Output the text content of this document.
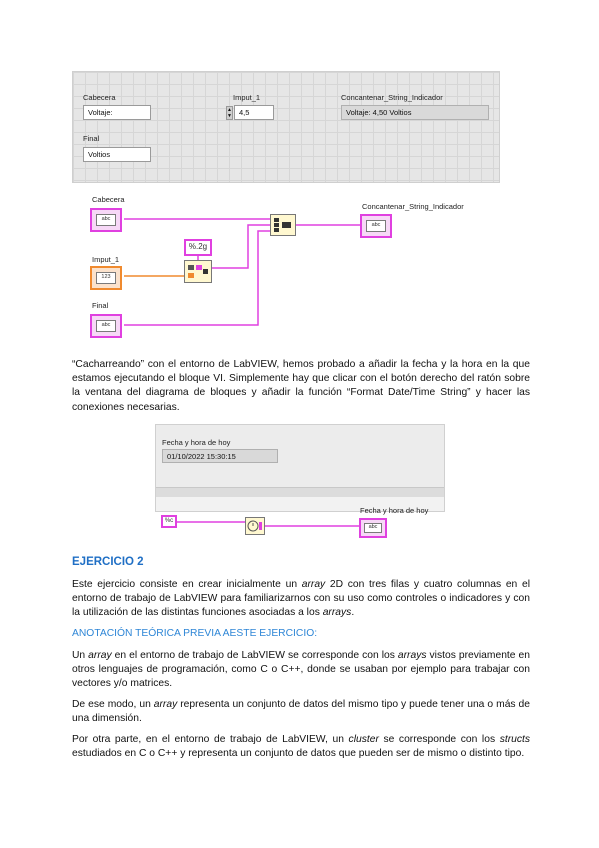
Cabecera
Voltaje:
Final
Voltios
Imput_1
▲
▼ 4,5
Concantenar_String_Indicador
Voltaje: 4,50 Voltios
Cabecera
abc
%.2g
Imput_1
123
Final
abc
Concantenar_String_Indicador
abc
“Cacharreando” con el entorno de LabVIEW, hemos probado a añadir la fecha y la hora en la que estamos ejecutando el bloque VI. Simplemente hay que clicar con el botón derecho del ratón sobre la ventana del diagrama de bloques y añadir la función “Format Date/Time String” y hacer las conexiones necesarias.
Fecha y hora de hoy
01/10/2022 15:30:15
%c
Fecha y hora de hoy
abc
EJERCICIO 2
Este ejercicio consiste en crear inicialmente un array 2D con tres filas y cuatro columnas en el entorno de trabajo de LabVIEW para familiarizarnos con su uso como controles o indicadores y con la utilización de las distintas funciones asociadas a los arrays.
ANOTACIÓN TEÓRICA PREVIA AESTE EJERCICIO:
Un array en el entorno de trabajo de LabVIEW se corresponde con los arrays vistos previamente en otros lenguajes de programación, como C o C++, donde se usaban por ejemplo para trabajar con vectores y/o matrices.
De ese modo, un array representa un conjunto de datos del mismo tipo y puede tener una o más de una dimensión.
Por otra parte, en el entorno de trabajo de LabVIEW, un cluster se corresponde con los structs estudiados en C o C++ y representa un conjunto de datos que pueden ser de mismo o distinto tipo.
